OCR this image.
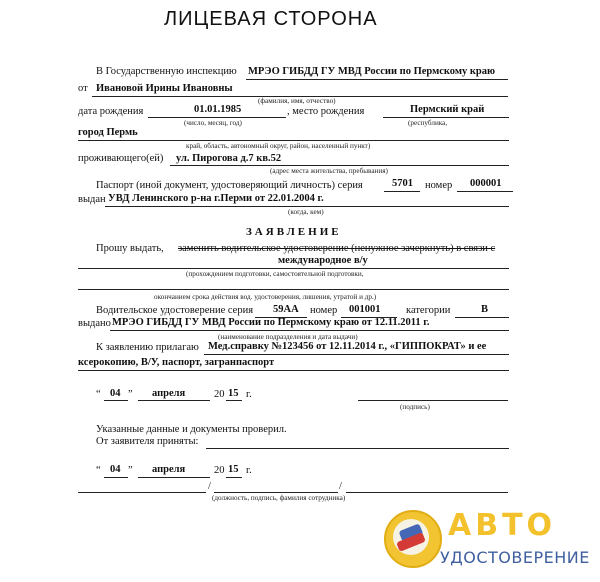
ЛИЦЕВАЯ СТОРОНА
В Государственную инспекцию МРЭО ГИБДД ГУ МВД России по Пермскому краю
от Ивановой Ирины Ивановны
(фамилия, имя, отчество)
дата рождения	01.01.1985	, место рождения	Пермский край
(число, месяц, год)	(республика,
город Пермь
край, область, автономный округ, район, населенный пункт)
проживающего(ей) ул. Пирогова д.7 кв.52
(адрес места жительства, пребывания)
Паспорт (иной документ, удостоверяющий личность) серия	5701 номер 000001
выдан УВД Ленинского р-на г.Перми от 22.01.2004 г.
(когда, кем)
ЗАЯВЛЕНИЕ
Прошу выдать, заменить водительское удостоверение (ненужное зачеркнуть) в связи с
международное в/у
(прохождением подготовки, самостоятельной подготовки,
окончанием срока действия вод. удостоверения, лишения, утратой и др.)
Водительское удостоверение серия 59АА номер 001001 категории	В
выдано МРЭО ГИБДД ГУ МВД России по Пермскому краю от 12.11.2011 г.
(наименование подразделения и дата выдачи)
К заявлению прилагаю Мед.справку №123456 от 12.11.2014 г., «ГИППОКРАТ» и ее
ксерокопию, В/У, паспорт, загранпаспорт
“ 04 ” апреля	20 15 г.
(подпись)
Указанные данные и документы проверил.
От заявителя приняты:
“ 04 ” апреля	20 15 г.
/	/
(должность, подпись, фамилия сотрудника)
АВТО
УДОСТОВЕРЕНИЕ
